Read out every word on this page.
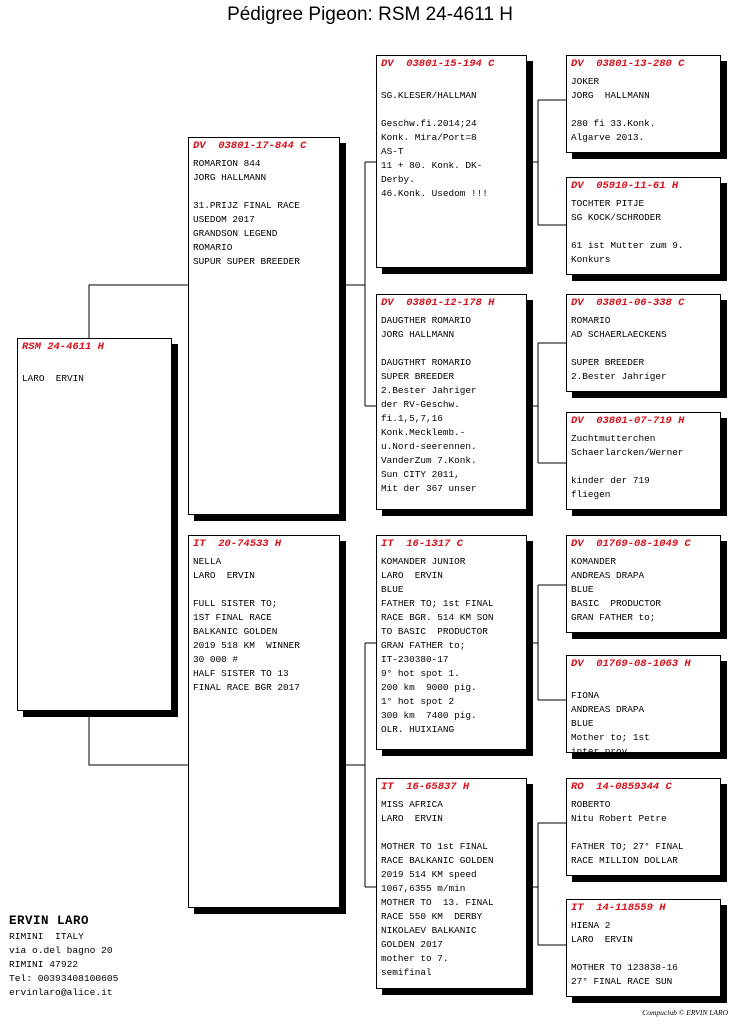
Pédigree Pigeon: RSM 24-4611 H
RSM 24-4611 H
LARO  ERVIN
DV  03801-17-844 C
ROMARION 844
JORG HALLMANN
31.PRIJZ FINAL RACE
USEDOM 2017
GRANDSON LEGEND
ROMARIO
SUPUR SUPER BREEDER
IT  20-74533 H
NELLA
LARO  ERVIN
FULL SISTER TO;
1ST FINAL RACE
BALKANIC GOLDEN
2019 518 KM  WINNER
30 000 #
HALF SISTER TO 13
FINAL RACE BGR 2017
DV  03801-15-194 C
SG.KLESER/HALLMAN
Geschw.fi.2014;24
Konk. Mira/Port=8
AS-T
11 + 80. Konk. DK-
Derby.
46.Konk. Usedom !!!
DV  03801-12-178 H
DAUGTHER ROMARIO
JORG HALLMANN
DAUGTHRT ROMARIO
SUPER BREEDER
2.Bester Jahriger
der RV-Geschw.
fi.1,5,7,16
Konk.Mecklemb.-
u.Nord-seerennen.
VanderZum 7.Konk.
Sun CITY 2011,
Mit der 367 unser
IT  16-1317 C
KOMANDER JUNIOR
LARO  ERVIN
BLUE
FATHER TO; 1st FINAL
RACE BGR. 514 KM SON
TO BASIC  PRODUCTOR
GRAN FATHER to;
IT-230380-17
9° hot spot 1.
200 km  9000 pig.
1° hot spot 2
300 km  7400 pig.
OLR. HUIXIANG
IT  16-65837 H
MISS AFRICA
LARO  ERVIN
MOTHER TO 1st FINAL
RACE BALKANIC GOLDEN
2019 514 KM speed
1067,6355 m/min
MOTHER TO  13. FINAL
RACE 550 KM  DERBY
NIKOLAEV BALKANIC
GOLDEN 2017
mother to 7.
semifinal
DV  03801-13-280 C
JOKER
JORG  HALLMANN
280 fi 33.Konk.
Algarve 2013.
DV  05910-11-61 H
TOCHTER PITJE
SG KOCK/SCHRODER
61 ist Mutter zum 9.
Konkurs
DV  03801-06-338 C
ROMARIO
AD SCHAERLAECKENS
SUPER BREEDER
2.Bester Jahriger
DV  03801-07-719 H
Zuchtmutterchen
Schaerlarcken/Werner
kinder der 719
fliegen
DV  01769-08-1049 C
KOMANDER
ANDREAS DRAPA
BLUE
BASIC  PRODUCTOR
GRAN FATHER to;
DV  01769-08-1063 H
FIONA
ANDREAS DRAPA
BLUE
Mother to; 1st
inter.prov.
RO  14-0859344 C
ROBERTO
Nitu Robert Petre
FATHER TO; 27° FINAL
RACE MILLION DOLLAR
IT  14-118559 H
HIENA 2
LARO  ERVIN
MOTHER TO 123838-16
27° FINAL RACE SUN
ERVIN LARO
RIMINI  ITALY
via o.del bagno 20
RIMINI 47922
Tel: 00393408100605
ervinlaro@alice.it
Compuclub © ERVIN LARO
